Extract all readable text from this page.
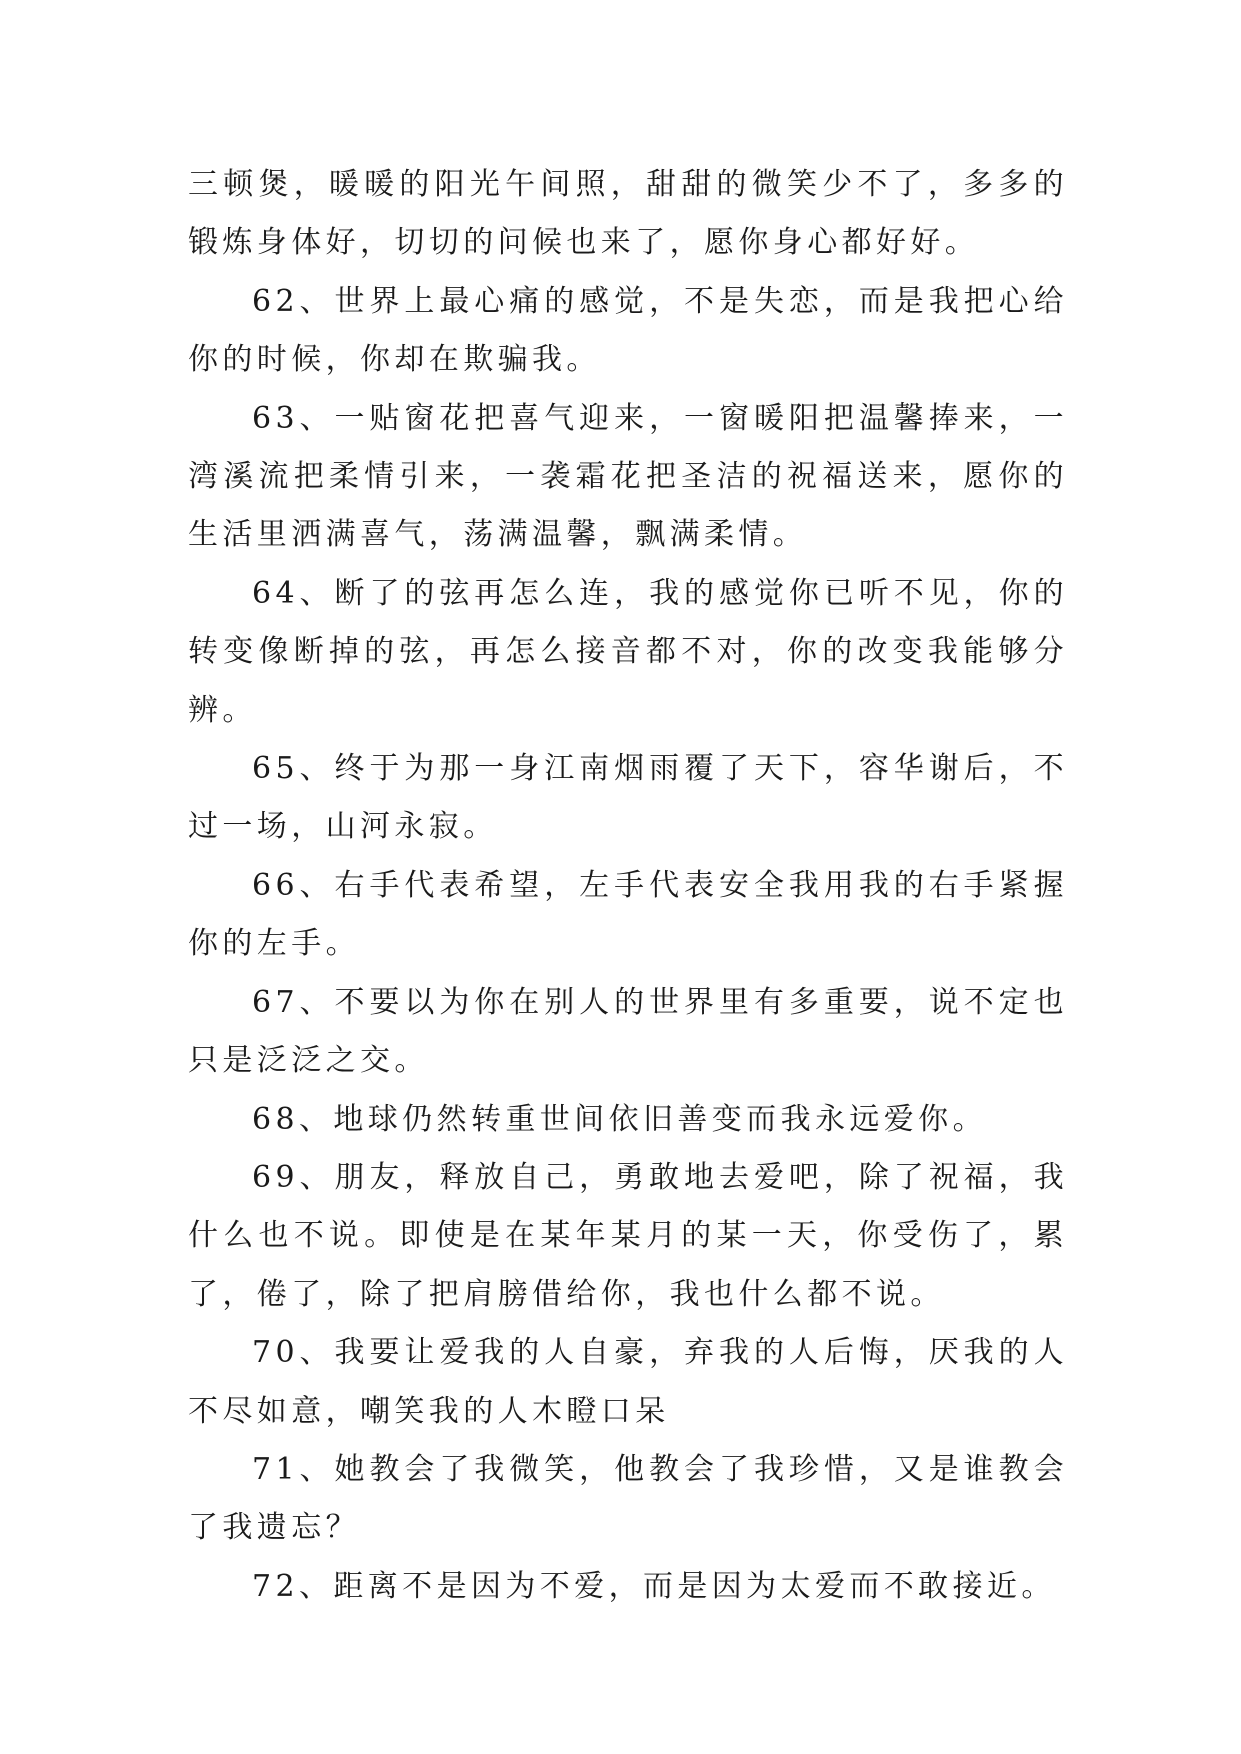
三顿煲，暖暖的阳光午间照，甜甜的微笑少不了，多多的锻炼身体好，切切的问候也来了，愿你身心都好好。

62、世界上最心痛的感觉，不是失恋，而是我把心给你的时候，你却在欺骗我。

63、一贴窗花把喜气迎来，一窗暖阳把温馨捧来，一湾溪流把柔情引来，一袭霜花把圣洁的祝福送来，愿你的生活里洒满喜气，荡满温馨，飘满柔情。

64、断了的弦再怎么连，我的感觉你已听不见，你的转变像断掉的弦，再怎么接音都不对，你的改变我能够分辨。

65、终于为那一身江南烟雨覆了天下，容华谢后，不过一场，山河永寂。

66、右手代表希望，左手代表安全我用我的右手紧握你的左手。

67、不要以为你在别人的世界里有多重要，说不定也只是泛泛之交。

68、地球仍然转重世间依旧善变而我永远爱你。

69、朋友，释放自己，勇敢地去爱吧，除了祝福，我什么也不说。即使是在某年某月的某一天，你受伤了，累了，倦了，除了把肩膀借给你，我也什么都不说。

70、我要让爱我的人自豪，弃我的人后悔，厌我的人不尽如意，嘲笑我的人木瞪口呆

71、她教会了我微笑，他教会了我珍惜，又是谁教会了我遗忘？

72、距离不是因为不爱，而是因为太爱而不敢接近。
